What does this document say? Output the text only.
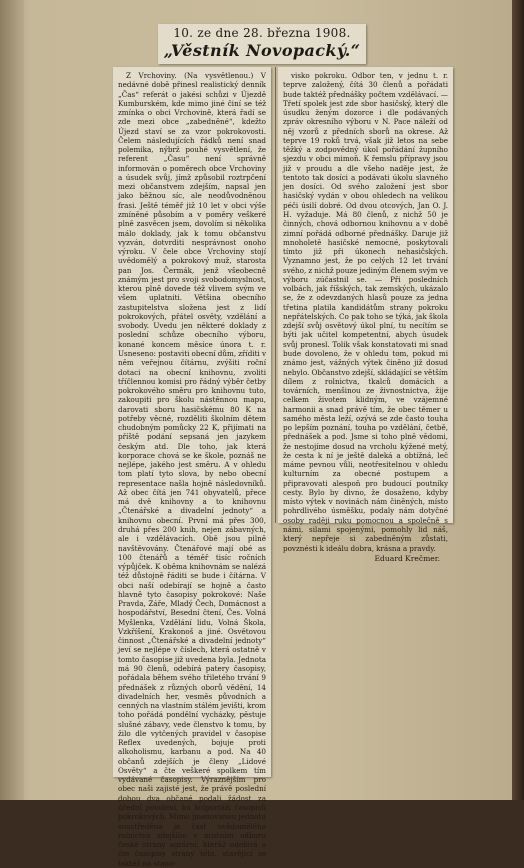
10. ze dne 28. března 1908.
„Věstník Novopacký.“

Z Vrchoviny. (Na vysvětlenou.) V nedávné době přinesl realistický denník „Čas“ referát o jakési schůzi v Újezdě Kumburském, kde mimo jiné činí se též zmínka o obci Vrchovině, která řadí se zde mezi obce „zabedněné“, kdežto Újezd staví se za vzor pokrokovosti. Čelem následujících řádků není snad polemika, nýbrž pouhé vysvětlení, že referent „Času“ není správně informován o poměrech obce Vrchoviny a úsudek svůj, jímž způsobil roztrpčení mezi občanstvem zdejším, napsal jen jako běžnou síc, ale neodůvodněnou frasi. Ještě téměř již 10 let v obci výše zmíněné působím a v poměry veškeré plně zasvěcen jsem, dovolím si několika málo doklady, jak k tomu občanstvu vyzván, dotvrditi nesprávnost onoho výroku. V čele obce Vrchoviny stojí uvědomělý a pokrokový muž, starosta pan Jos. Čermák, jenž všeobecně známým jest pro svoji svobodomyslnost, kterou plně dovede též vlivem svým ve všem uplatniti. Většina obecního zastupitelstva složena jest z lidí pokrokových, přátel osvěty, vzdělání a svobody. Uvedu jen některé doklady z poslední schůze obecního výboru, konané koncem měsíce února t. r. Usneseno: postaviti obecní dům, zříditi v něm veřejnou čítárnu, zvýšiti roční dotaci na obecní knihovnu, zvoliti tříčlennou komisi pro řádný výběr četby pokrokového směru pro knihovnu tuto, zakoupiti pro školu nástěnnou mapu, darovati sboru hasičskému 80 K na potřeby věcné, rozděliti školním dětem chudobným pomůcky 22 K, přijímati na příště podání sepsaná jen jazykem českým atd. Dle toho, jak která korporace chová se ke škole, poznáš ne nejlépe, jakého jest směru. A v ohledu tom platí tyto slova, by nebo obecní representace našla hojně následovníků. Až obec čítá jen 741 obyvatelů, přece má dvě knihovny a to knihovnu „Čtenářské a divadelní jednoty“ a knihovnu obecní. První má přes 300, druhá přes 200 knih, nejen zábavných, ale i vzdělávacích. Obě jsou pilně navštěvovány. Čtenářové mají obé as 100 čtenářů a téměř tisíc ročních výpůjček. K oběma knihovnám se nalézá též důstojně řáditi se bude i čítárna. V obci naší odebírají se hojně a často hlavně tyto časopisy pokrokové: Naše Pravda, Záře, Mladý Čech, Domácnost a hospodářství, Besední čtení, Čes. Volná Myšlenka, Vzdělání lidu, Volná Škola, Vzkříšení, Krakonoš a jiné. Osvětovou činnost „Čtenářské a divadelní jednoty“ jeví se nejlépe v číslech, která ostatně v tomto časopise již uvedena byla. Jednota má 90 členů, odebírá patery časopisy, pořádala během svého třiletého trvání 9 přednášek z různých oborů vědění, 14 divadelních her, vesměs původních a cenných na vlastním stálém jevišti, krom toho pořádá pondělní vycházky, pěstuje slušné zábavy, vede členstvo k tomu, by žilo dle vytčených pravidel v časopise Reflex uvedených, bojuje proti alkoholismu, karbanu a pod. Na 40 občanů zdejších je členy „Lidové Osvěty“ a čte veškeré spolkem tím vydávané časopisy. Výraznějším pro obec naši zajisté jest, že právě poslední dobou dva občané podali žádost za úřední povolení, ku kolportáži časopisů pokrokových. Mimo jmenovanou jednotu soustředěna je část uvědomělého rolnictva zdejšího v místním odboru české strany agrární, kteráž odebírá a čte časopisy strany této, stavějící se taktéž na stano-

visko pokroku. Odbor ten, v jednu t. r. teprve založený, čítá 30 členů a pořádati bude taktéž přednášky počtem vzdělávací. — Třetí spolek jest zde sbor hasičský, který dle úsudku ženým dozorce i dle podávaných zpráv okresního výboru v N. Pace náleží od něj vzorů z předních sborů na okrese. Až teprve 19 roků trvá, však již letos na sebe těžký a zodpovědný úkol pořádání župního sjezdu v obci mimoň. K řemslu přípravy jsou již v proudu a dle všeho naděje jest, že tentoto tak dosíci a podávati úkolu slavného jen dosíci. Od svého založení jest sbor hasičský vydán v obou ohledech na velikou péči úsilí dobré. Od dvou otcových, Jan O. J. H. vyžaduje. Má 80 členů, z nichž 50 je činných, chová odbornou knihovnu a v době zimní pořádá odborné přednášky. Daruje již mnoholetě hasičské nemocné, poskytovali tímto již při úkonech nehasičských. Vyznamno jest, že po celých 12 let trvání svého, z nichž pouze jediným členem svým ve výboru zúčastnil se. — Při posledních volbách, jak říšských, tak zemských, ukázalo se, že z odevzdaných hlasů pouze za jedna třetina platila kandidátům strany pokroku nepřátelských. Co pak toho se týká, jak škola zdejší svůj osvětový úkol plní, tu necítím se býti jak učitel kompetentní, abych úsudek svůj pronesl. Tolik však konstatovati mi snad bude dovoleno, že v ohledu tom, pokud mi známo jest, vážných výtek činěno již dosud nebylo. Občanstvo zdejší, skládající se větším dílem z rolnictva, tkalců domácích a továrních, menšinou ze živnostnictva, žije celkem životem klidným, ve vzájemné harmonii a snad právě tím, že obec těmer u samého města leží, ozývá se zde často touha po lepším poznání, touha po vzdělání, četbě, přednášek a pod. Jsme si toho plně vědomi, že nestojíme dosud na vrcholu kýžené metý, že cesta k ní je ještě daleká a obtížná, leč máme pevnou vůli, neotřesitelnou v ohledu kulturním za obecné postupem a připravovati alespoň pro budoucí poutníky cesty. Bylo by divno, že dosaženo, kdyby místo výtek v novinách nám činěných, místo pohrdlivého úsměšku, podaly nám dotyčné osoby raději ruku pomocnou a společně s námi, silami spojenými, pomohly lid náš, který nepřeje si zabedněným zůstati, povznésti k ideálu dobra, krásna a pravdy.

Eduard Krečmer.
